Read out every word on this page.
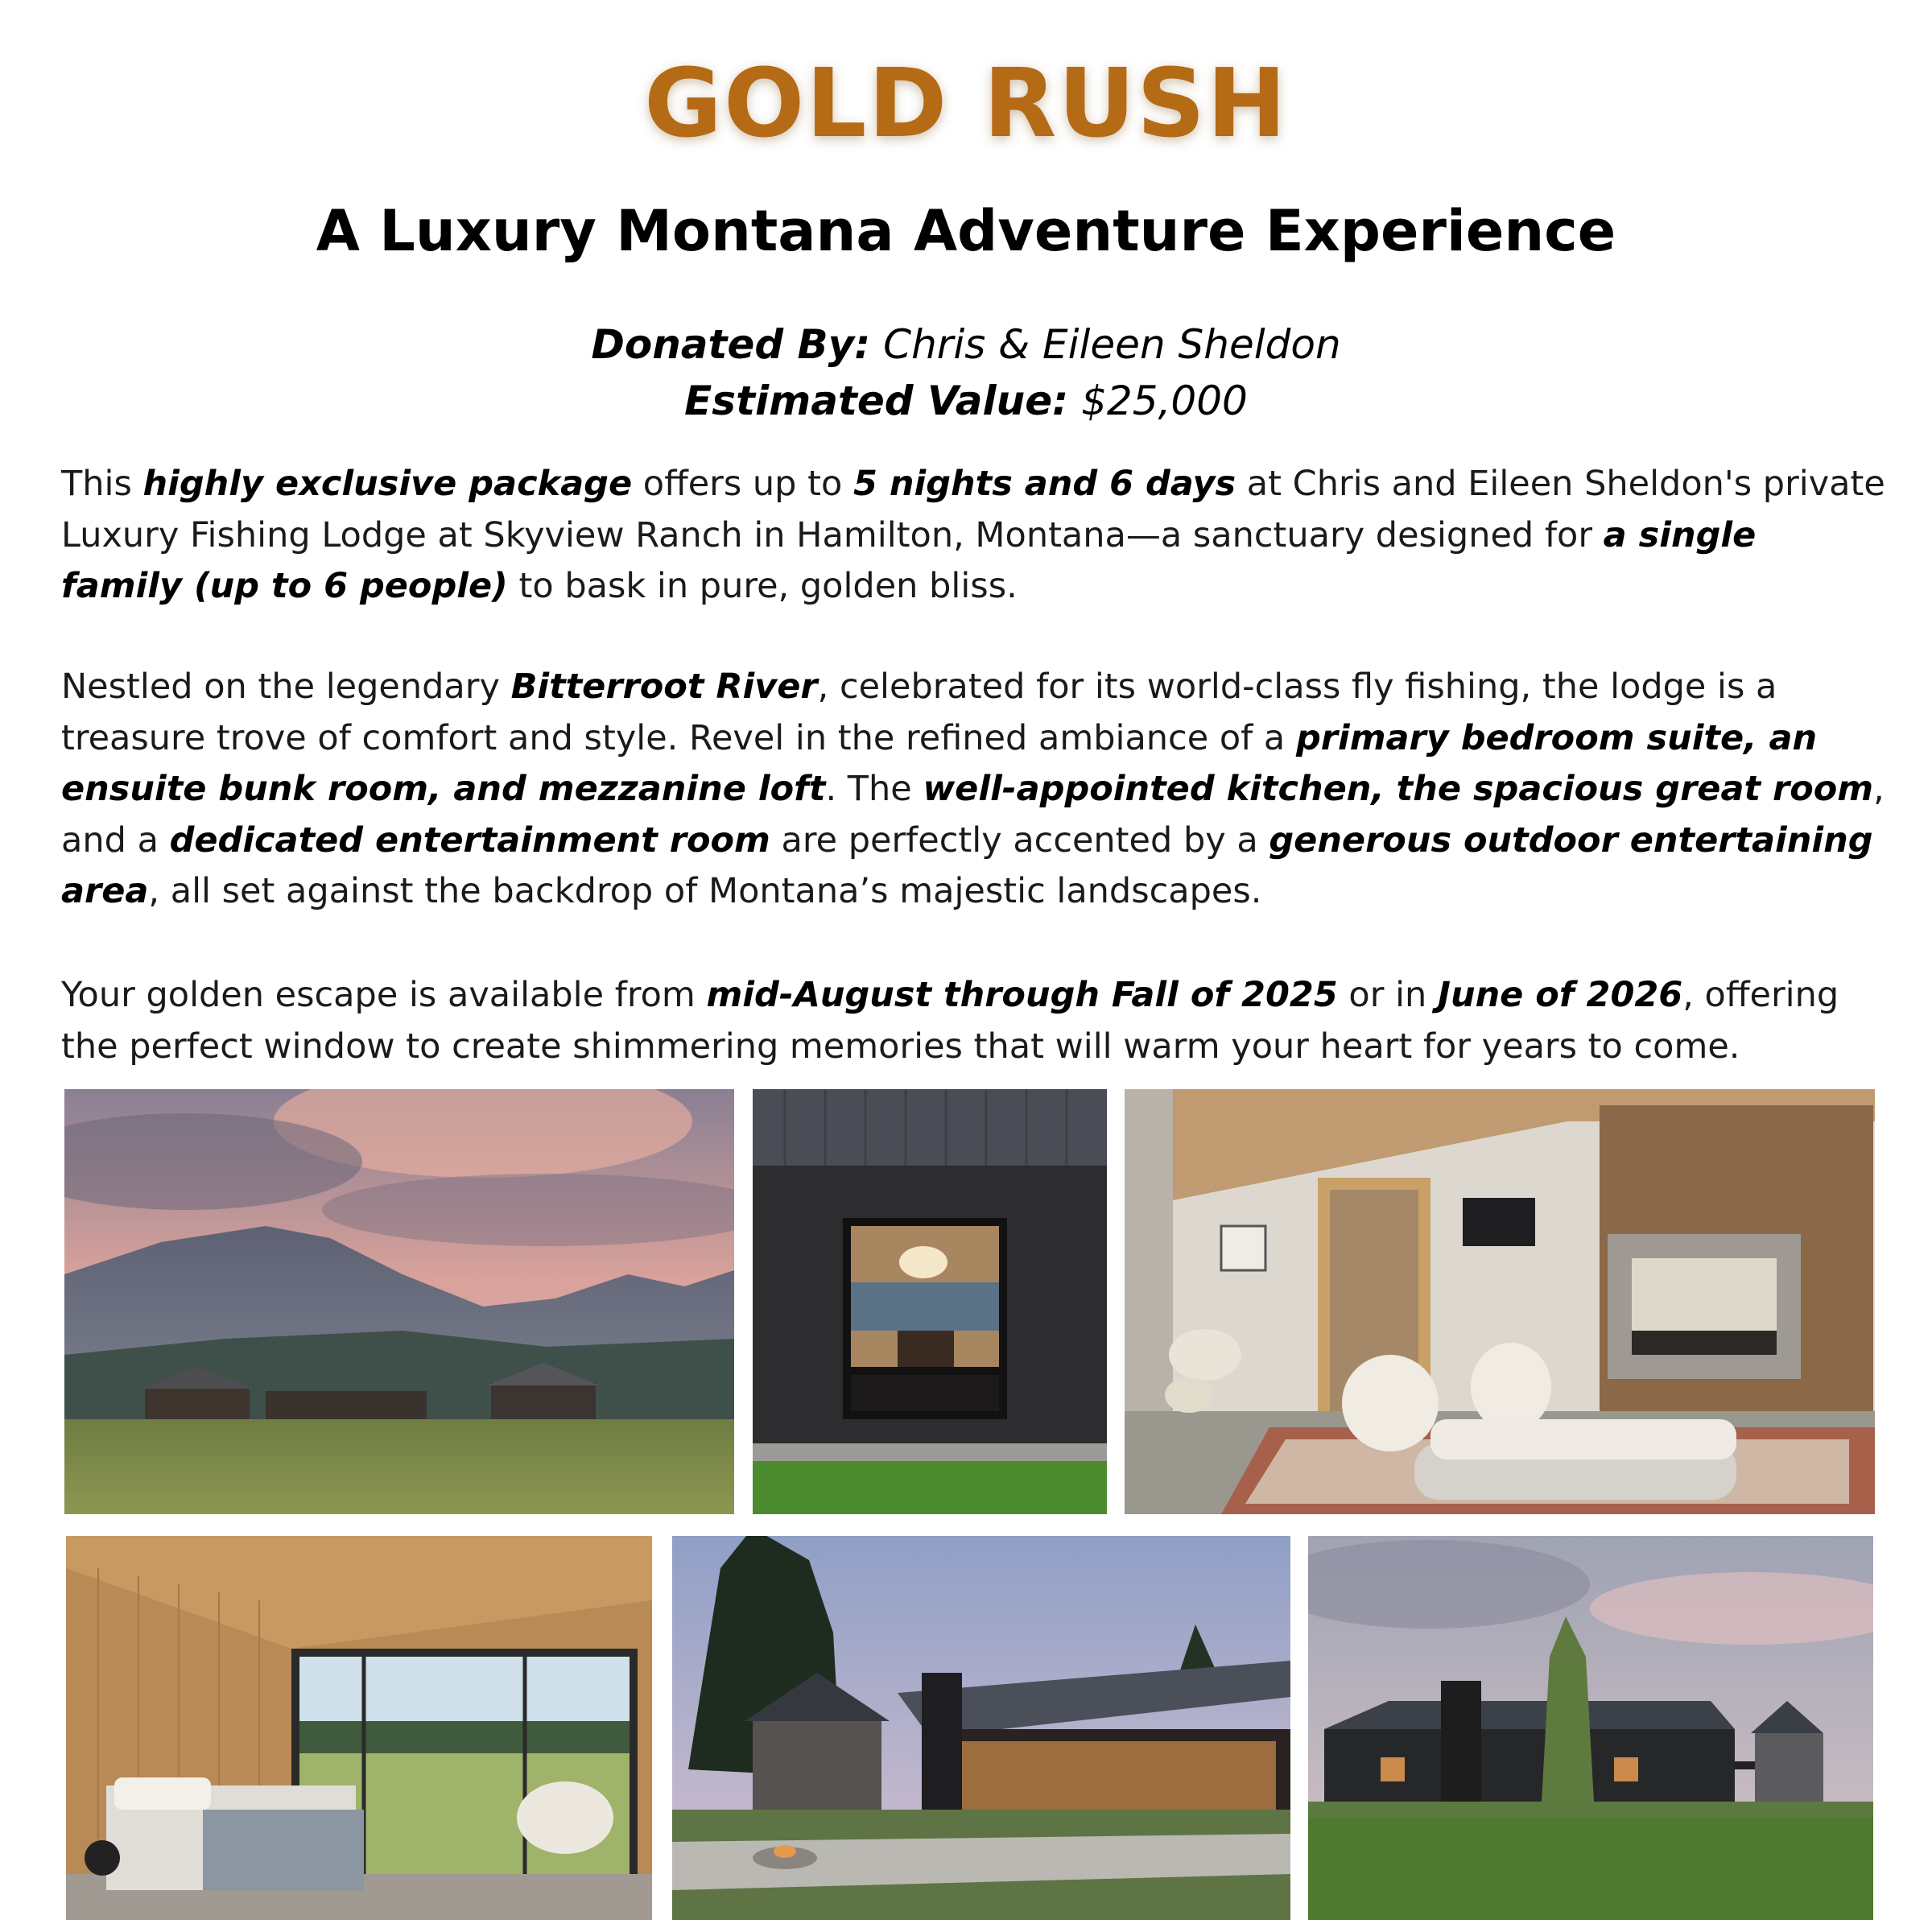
GOLD RUSH
A Luxury Montana Adventure Experience
Donated By: Chris & Eileen Sheldon
Estimated Value: $25,000
This highly exclusive package offers up to 5 nights and 6 days at Chris and Eileen Sheldon's private Luxury Fishing Lodge at Skyview Ranch in Hamilton, Montana—a sanctuary designed for a single family (up to 6 people) to bask in pure, golden bliss.
Nestled on the legendary Bitterroot River, celebrated for its world-class fly fishing, the lodge is a treasure trove of comfort and style. Revel in the refined ambiance of a primary bedroom suite, an ensuite bunk room, and mezzanine loft. The well-appointed kitchen, the spacious great room, and a dedicated entertainment room are perfectly accented by a generous outdoor entertaining area, all set against the backdrop of Montana’s majestic landscapes.
Your golden escape is available from mid-August through Fall of 2025 or in June of 2026, offering the perfect window to create shimmering memories that will warm your heart for years to come.
